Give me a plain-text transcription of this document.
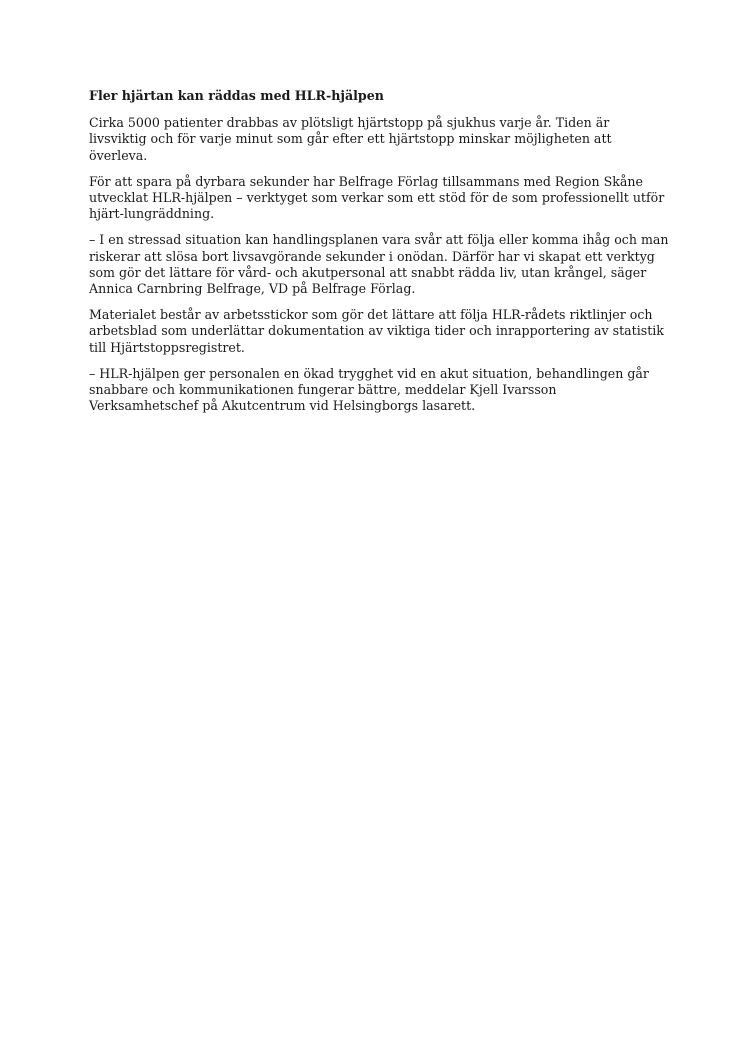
Fler hjärtan kan räddas med HLR-hjälpen

Cirka 5000 patienter drabbas av plötsligt hjärtstopp på sjukhus varje år. Tiden är livsviktig och för varje minut som går efter ett hjärtstopp minskar möjligheten att överleva.

För att spara på dyrbara sekunder har Belfrage Förlag tillsammans med Region Skåne utvecklat HLR-hjälpen – verktyget som verkar som ett stöd för de som professionellt utför hjärt-lungräddning.

– I en stressad situation kan handlingsplanen vara svår att följa eller komma ihåg och man riskerar att slösa bort livsavgörande sekunder i onödan. Därför har vi skapat ett verktyg som gör det lättare för vård- och akutpersonal att snabbt rädda liv, utan krångel, säger Annica Carnbring Belfrage, VD på Belfrage Förlag.

Materialet består av arbetsstickor som gör det lättare att följa HLR-rådets riktlinjer och arbetsblad som underlättar dokumentation av viktiga tider och inrapportering av statistik till Hjärtstoppsregistret.

– HLR-hjälpen ger personalen en ökad trygghet vid en akut situation, behandlingen går snabbare och kommunikationen fungerar bättre, meddelar Kjell Ivarsson Verksamhetschef på Akutcentrum vid Helsingborgs lasarett.
